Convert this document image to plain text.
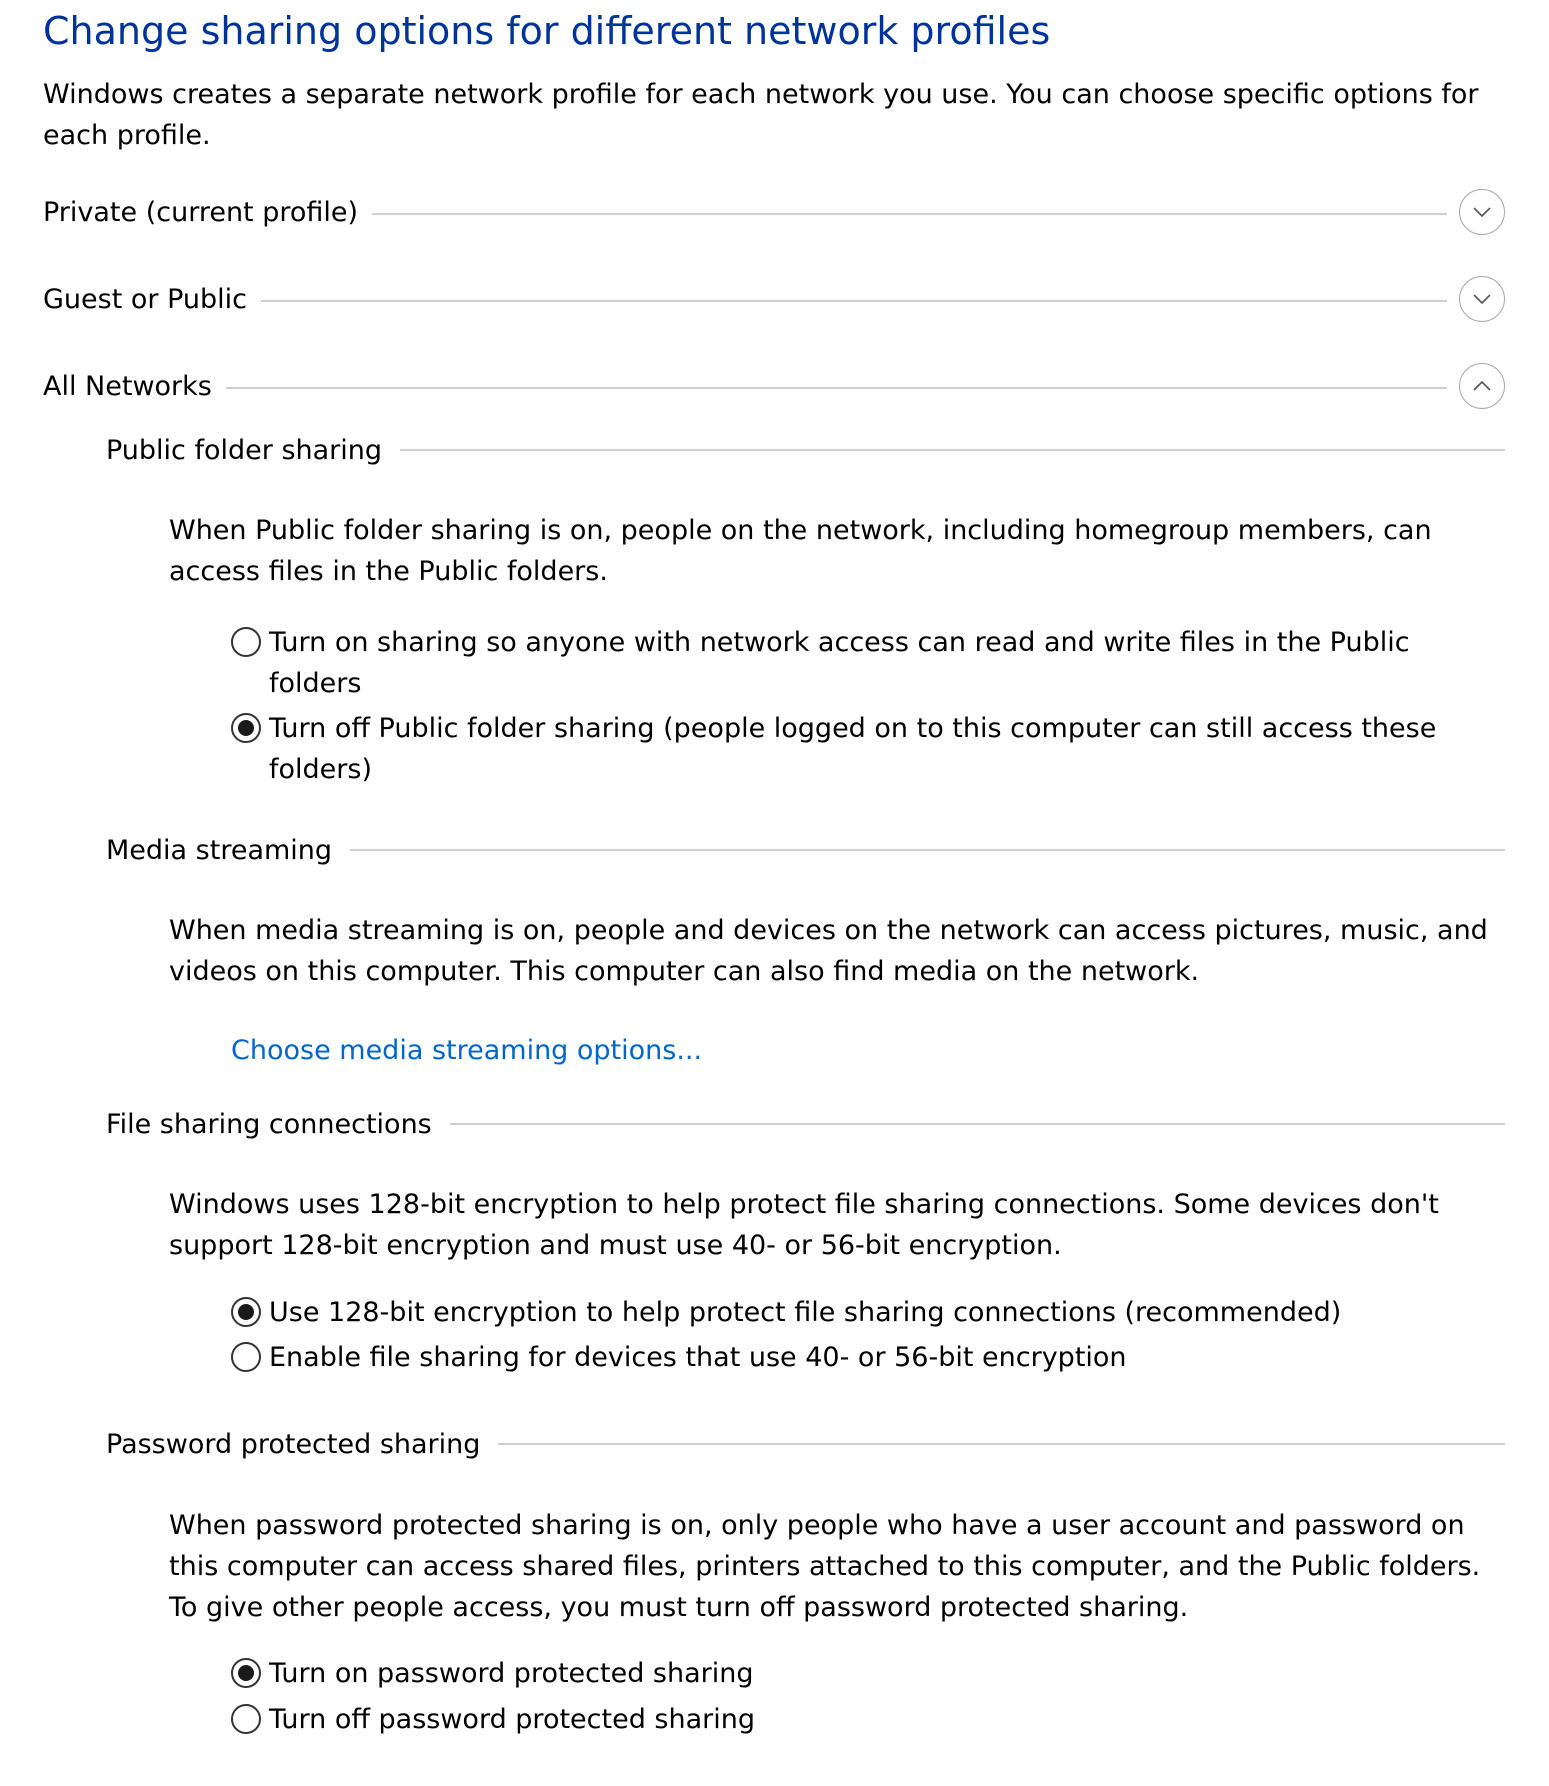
Change sharing options for different network profiles
Windows creates a separate network profile for each network you use. You can choose specific options for each profile.
Private (current profile)
Guest or Public
All Networks
Public folder sharing
When Public folder sharing is on, people on the network, including homegroup members, can access files in the Public folders.
Turn on sharing so anyone with network access can read and write files in the Public folders
Turn off Public folder sharing (people logged on to this computer can still access these folders)
Media streaming
When media streaming is on, people and devices on the network can access pictures, music, and videos on this computer. This computer can also find media on the network.
Choose media streaming options...
File sharing connections
Windows uses 128-bit encryption to help protect file sharing connections. Some devices don't support 128-bit encryption and must use 40- or 56-bit encryption.
Use 128-bit encryption to help protect file sharing connections (recommended)
Enable file sharing for devices that use 40- or 56-bit encryption
Password protected sharing
When password protected sharing is on, only people who have a user account and password on this computer can access shared files, printers attached to this computer, and the Public folders. To give other people access, you must turn off password protected sharing.
Turn on password protected sharing
Turn off password protected sharing
